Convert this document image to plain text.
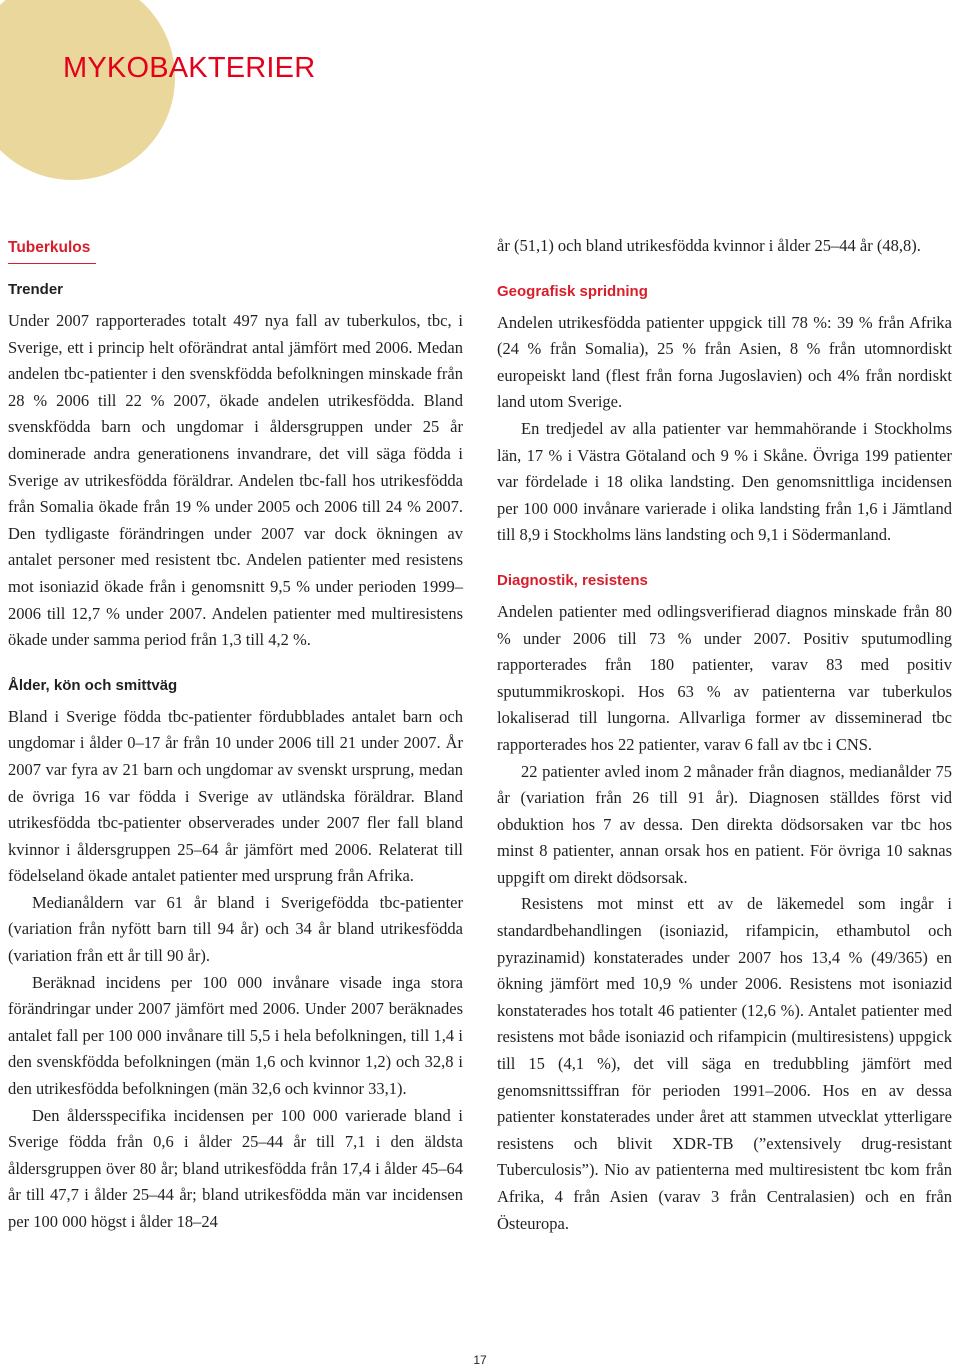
MYKOBAKTERIER
Tuberkulos
Trender

Under 2007 rapporterades totalt 497 nya fall av tuberkulos, tbc, i Sverige, ett i princip helt oförändrat antal jämfört med 2006. Medan andelen tbc-patienter i den svenskfödda befolkningen minskade från 28 % 2006 till 22 % 2007, ökade andelen utrikesfödda. Bland svenskfödda barn och ungdomar i åldersgruppen under 25 år dominerade andra generationens invandrare, det vill säga födda i Sverige av utrikesfödda föräldrar. Andelen tbc-fall hos utrikesfödda från Somalia ökade från 19 % under 2005 och 2006 till 24 % 2007. Den tydligaste förändringen under 2007 var dock ökningen av antalet personer med resistent tbc. Andelen patienter med resistens mot isoniazid ökade från i genomsnitt 9,5 % under perioden 1999–2006 till 12,7 % under 2007. Andelen patienter med multiresistens ökade under samma period från 1,3 till 4,2 %.

Ålder, kön och smittväg

Bland i Sverige födda tbc-patienter fördubblades antalet barn och ungdomar i ålder 0–17 år från 10 under 2006 till 21 under 2007. År 2007 var fyra av 21 barn och ungdomar av svenskt ursprung, medan de övriga 16 var födda i Sverige av utländska föräldrar. Bland utrikesfödda tbc-patienter observerades under 2007 fler fall bland kvinnor i åldersgruppen 25–64 år jämfört med 2006. Relaterat till födelseland ökade antalet patienter med ursprung från Afrika.

Medianåldern var 61 år bland i Sverigefödda tbc-patienter (variation från nyfött barn till 94 år) och 34 år bland utrikesfödda (variation från ett år till 90 år).

Beräknad incidens per 100 000 invånare visade inga stora förändringar under 2007 jämfört med 2006. Under 2007 beräknades antalet fall per 100 000 invånare till 5,5 i hela befolkningen, till 1,4 i den svenskfödda befolkningen (män 1,6 och kvinnor 1,2) och 32,8 i den utrikesfödda befolkningen (män 32,6 och kvinnor 33,1).

Den åldersspecifika incidensen per 100 000 varierade bland i Sverige födda från 0,6 i ålder 25–44 år till 7,1 i den äldsta åldersgruppen över 80 år; bland utrikesfödda från 17,4 i ålder 45–64 år till 47,7 i ålder 25–44 år; bland utrikesfödda män var incidensen per 100 000 högst i ålder 18–24

år (51,1) och bland utrikesfödda kvinnor i ålder 25–44 år (48,8).

Geografisk spridning

Andelen utrikesfödda patienter uppgick till 78 %: 39 % från Afrika (24 % från Somalia), 25 % från Asien, 8 % från utomnordiskt europeiskt land (flest från forna Jugoslavien) och 4% från nordiskt land utom Sverige.

En tredjedel av alla patienter var hemmahörande i Stockholms län, 17 % i Västra Götaland och 9 % i Skåne. Övriga 199 patienter var fördelade i 18 olika landsting. Den genomsnittliga incidensen per 100 000 invånare varierade i olika landsting från 1,6 i Jämtland till 8,9 i Stockholms läns landsting och 9,1 i Södermanland.

Diagnostik, resistens

Andelen patienter med odlingsverifierad diagnos minskade från 80 % under 2006 till 73 % under 2007. Positiv sputumodling rapporterades från 180 patienter, varav 83 med positiv sputummikroskopi. Hos 63 % av patienterna var tuberkulos lokaliserad till lungorna. Allvarliga former av disseminerad tbc rapporterades hos 22 patienter, varav 6 fall av tbc i CNS.

22 patienter avled inom 2 månader från diagnos, medianålder 75 år (variation från 26 till 91 år). Diagnosen ställdes först vid obduktion hos 7 av dessa. Den direkta dödsorsaken var tbc hos minst 8 patienter, annan orsak hos en patient. För övriga 10 saknas uppgift om direkt dödsorsak.

Resistens mot minst ett av de läkemedel som ingår i standardbehandlingen (isoniazid, rifampicin, ethambutol och pyrazinamid) konstaterades under 2007 hos 13,4 % (49/365) en ökning jämfört med 10,9 % under 2006. Resistens mot isoniazid konstaterades hos totalt 46 patienter (12,6 %). Antalet patienter med resistens mot både isoniazid och rifampicin (multiresistens) uppgick till 15 (4,1 %), det vill säga en tredubbling jämfört med genomsnittssiffran för perioden 1991–2006. Hos en av dessa patienter konstaterades under året att stammen utvecklat ytterligare resistens och blivit XDR-TB (”extensively drug-resistant Tuberculosis”). Nio av patienterna med multiresistent tbc kom från Afrika, 4 från Asien (varav 3 från Centralasien) och en från Östeuropa.

17
